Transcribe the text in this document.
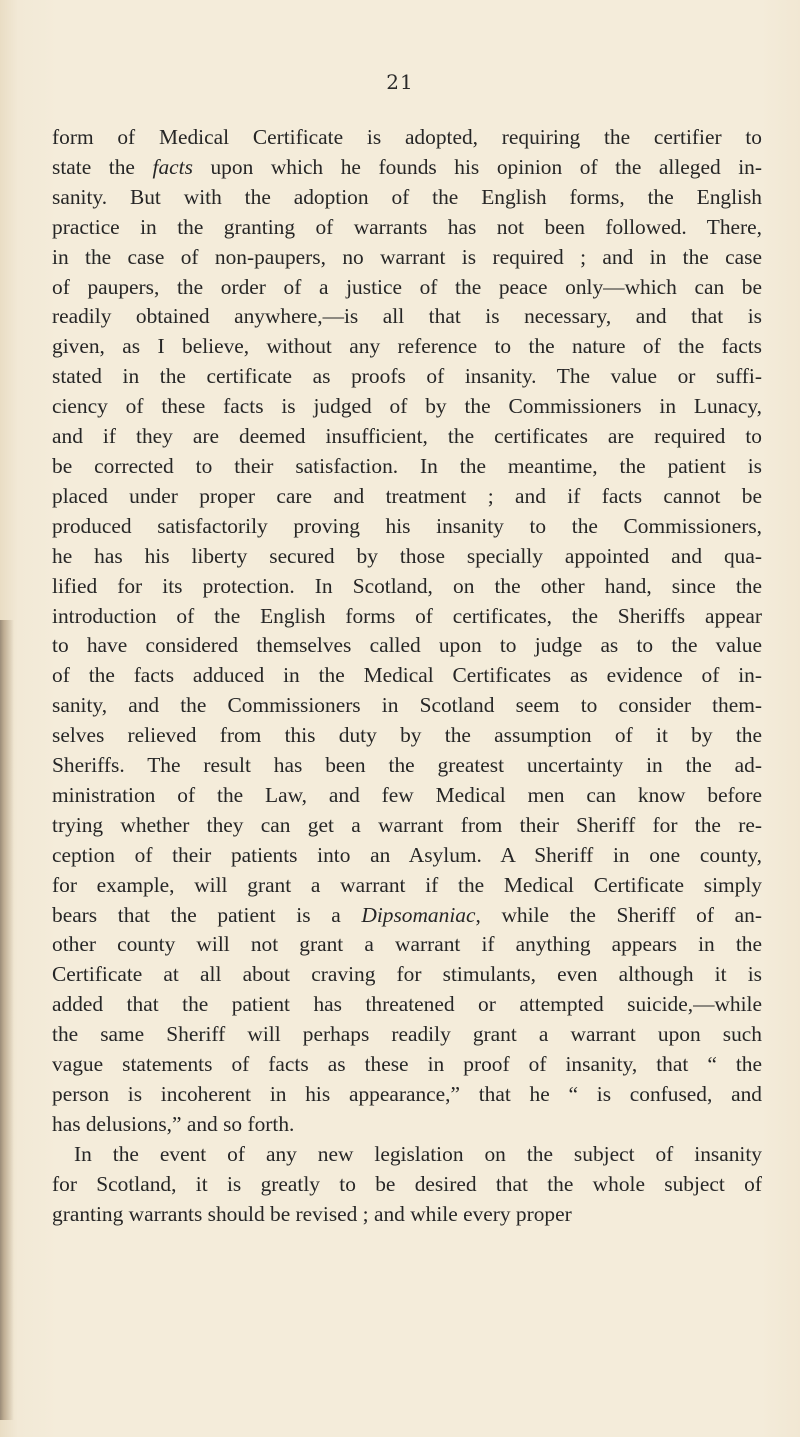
21

form of Medical Certificate is adopted, requiring the certifier to
state the facts upon which he founds his opinion of the alleged in-
sanity. But with the adoption of the English forms, the English
practice in the granting of warrants has not been followed. There,
in the case of non-paupers, no warrant is required ; and in the case
of paupers, the order of a justice of the peace only—which can be
readily obtained anywhere,—is all that is necessary, and that is
given, as I believe, without any reference to the nature of the facts
stated in the certificate as proofs of insanity. The value or suffi-
ciency of these facts is judged of by the Commissioners in Lunacy,
and if they are deemed insufficient, the certificates are required to
be corrected to their satisfaction. In the meantime, the patient is
placed under proper care and treatment ; and if facts cannot be
produced satisfactorily proving his insanity to the Commissioners,
he has his liberty secured by those specially appointed and qua-
lified for its protection. In Scotland, on the other hand, since the
introduction of the English forms of certificates, the Sheriffs appear
to have considered themselves called upon to judge as to the value
of the facts adduced in the Medical Certificates as evidence of in-
sanity, and the Commissioners in Scotland seem to consider them-
selves relieved from this duty by the assumption of it by the
Sheriffs. The result has been the greatest uncertainty in the ad-
ministration of the Law, and few Medical men can know before
trying whether they can get a warrant from their Sheriff for the re-
ception of their patients into an Asylum. A Sheriff in one county,
for example, will grant a warrant if the Medical Certificate simply
bears that the patient is a Dipsomaniac, while the Sheriff of an-
other county will not grant a warrant if anything appears in the
Certificate at all about craving for stimulants, even although it is
added that the patient has threatened or attempted suicide,—while
the same Sheriff will perhaps readily grant a warrant upon such
vague statements of facts as these in proof of insanity, that “ the
person is incoherent in his appearance,” that he “ is confused, and
has delusions,” and so forth.

In the event of any new legislation on the subject of insanity
for Scotland, it is greatly to be desired that the whole subject of
granting warrants should be revised ; and while every proper
